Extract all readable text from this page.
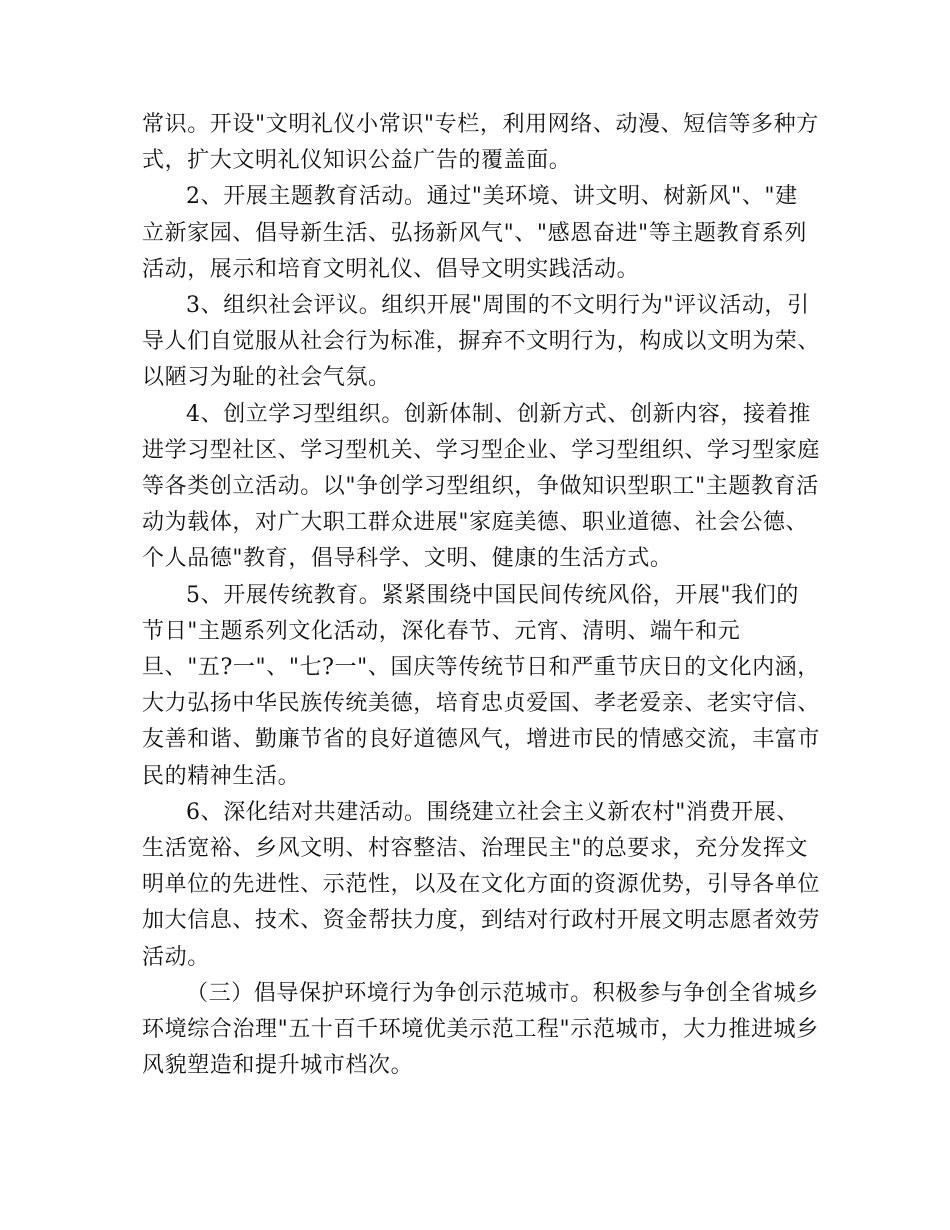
常识。开设"文明礼仪小常识"专栏，利用网络、动漫、短信等多种方式，扩大文明礼仪知识公益广告的覆盖面。

2、开展主题教育活动。通过"美环境、讲文明、树新风"、"建立新家园、倡导新生活、弘扬新风气"、"感恩奋进"等主题教育系列活动，展示和培育文明礼仪、倡导文明实践活动。

3、组织社会评议。组织开展"周围的不文明行为"评议活动，引导人们自觉服从社会行为标准，摒弃不文明行为，构成以文明为荣、以陋习为耻的社会气氛。

4、创立学习型组织。创新体制、创新方式、创新内容，接着推进学习型社区、学习型机关、学习型企业、学习型组织、学习型家庭等各类创立活动。以"争创学习型组织，争做知识型职工"主题教育活动为载体，对广大职工群众进展"家庭美德、职业道德、社会公德、个人品德"教育，倡导科学、文明、健康的生活方式。

5、开展传统教育。紧紧围绕中国民间传统风俗，开展"我们的节日"主题系列文化活动，深化春节、元宵、清明、端午和元旦、"五?一"、"七?一"、国庆等传统节日和严重节庆日的文化内涵，大力弘扬中华民族传统美德，培育忠贞爱国、孝老爱亲、老实守信、友善和谐、勤廉节省的良好道德风气，增进市民的情感交流，丰富市民的精神生活。

6、深化结对共建活动。围绕建立社会主义新农村"消费开展、生活宽裕、乡风文明、村容整洁、治理民主"的总要求，充分发挥文明单位的先进性、示范性，以及在文化方面的资源优势，引导各单位加大信息、技术、资金帮扶力度，到结对行政村开展文明志愿者效劳活动。

（三）倡导保护环境行为争创示范城市。积极参与争创全省城乡环境综合治理"五十百千环境优美示范工程"示范城市，大力推进城乡风貌塑造和提升城市档次。
